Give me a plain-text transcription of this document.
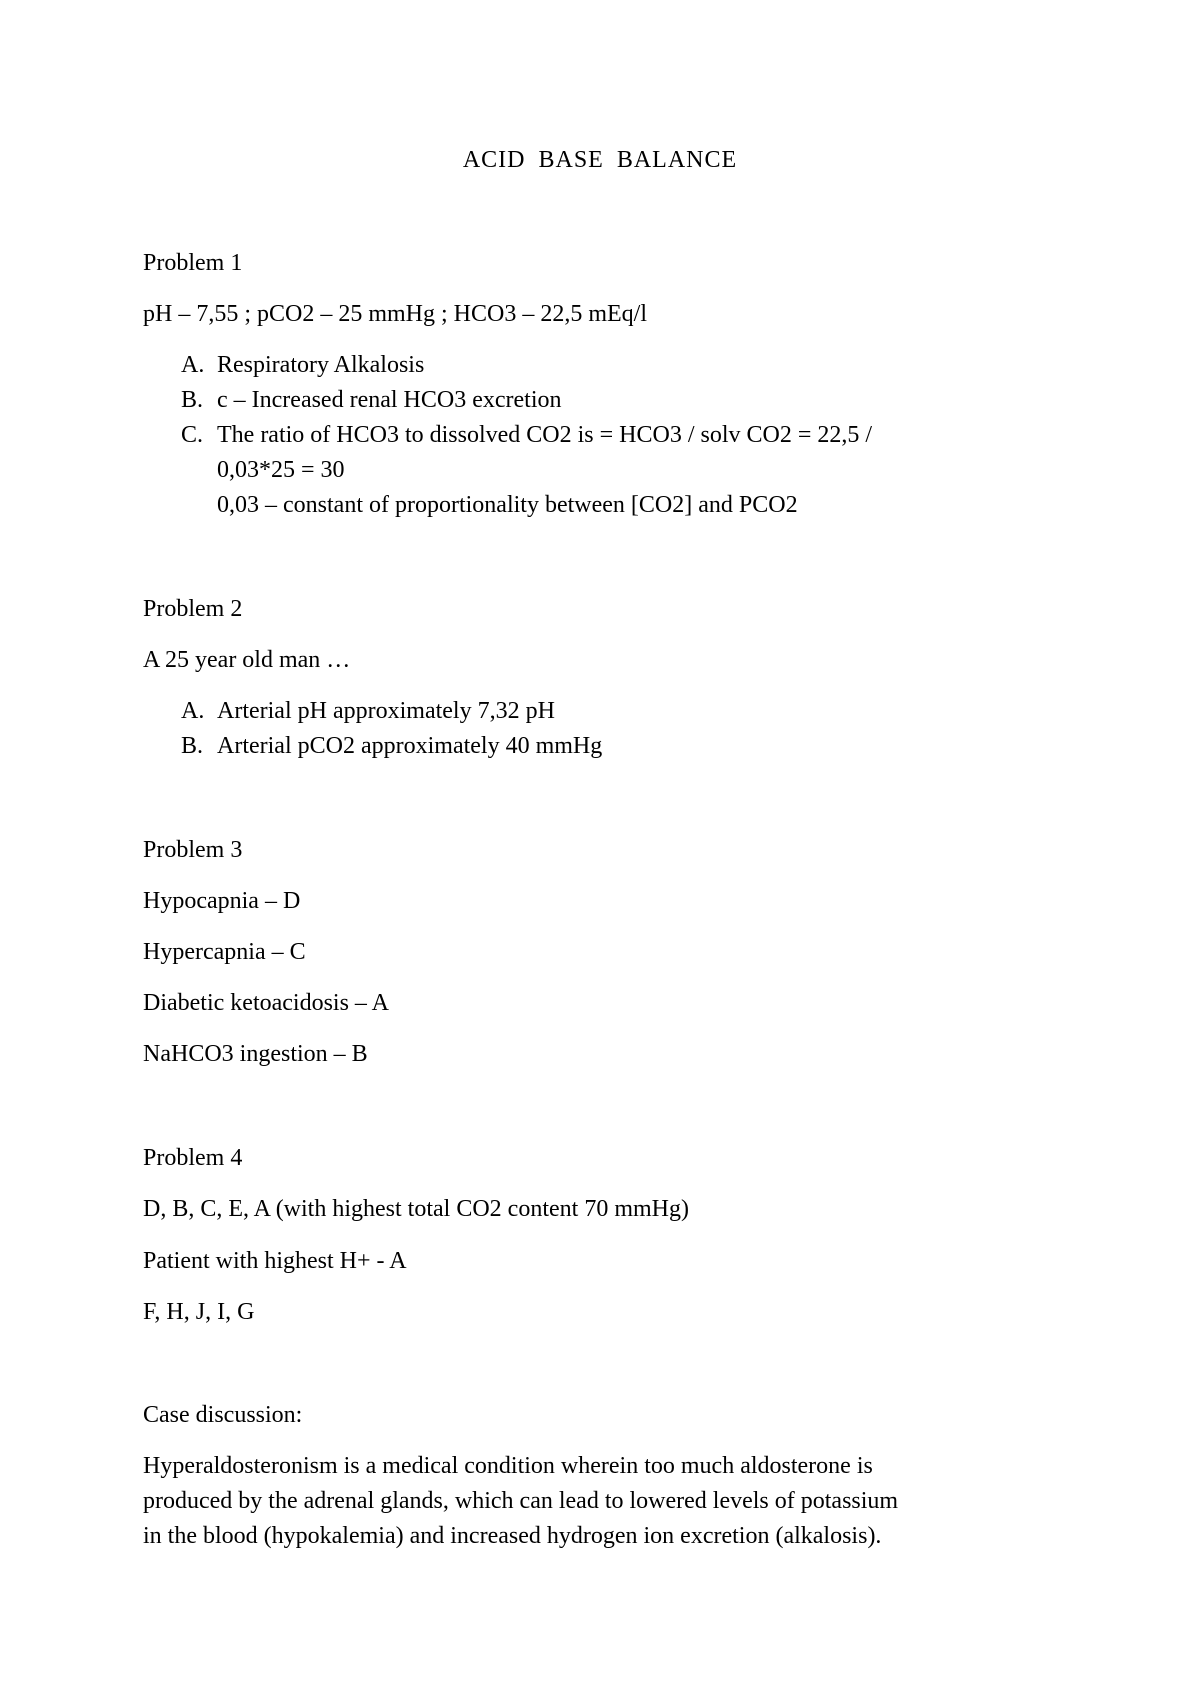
ACID BASE BALANCE

Problem 1

pH – 7,55 ; pCO2 – 25 mmHg ; HCO3 – 22,5 mEq/l

A. Respiratory Alkalosis
B. c – Increased renal HCO3 excretion
C. The ratio of HCO3 to dissolved CO2 is = HCO3 / solv CO2 = 22,5 /
0,03*25 = 30
0,03 – constant of proportionality between [CO2] and PCO2

Problem 2

A 25 year old man …

A. Arterial pH approximately 7,32 pH
B. Arterial pCO2 approximately 40 mmHg

Problem 3

Hypocapnia – D

Hypercapnia – C

Diabetic ketoacidosis – A

NaHCO3 ingestion – B

Problem 4

D, B, C, E, A (with highest total CO2 content 70 mmHg)

Patient with highest H+ - A

F, H, J, I, G

Case discussion:

Hyperaldosteronism is a medical condition wherein too much aldosterone is

produced by the adrenal glands, which can lead to lowered levels of potassium

in the blood (hypokalemia) and increased hydrogen ion excretion (alkalosis).
